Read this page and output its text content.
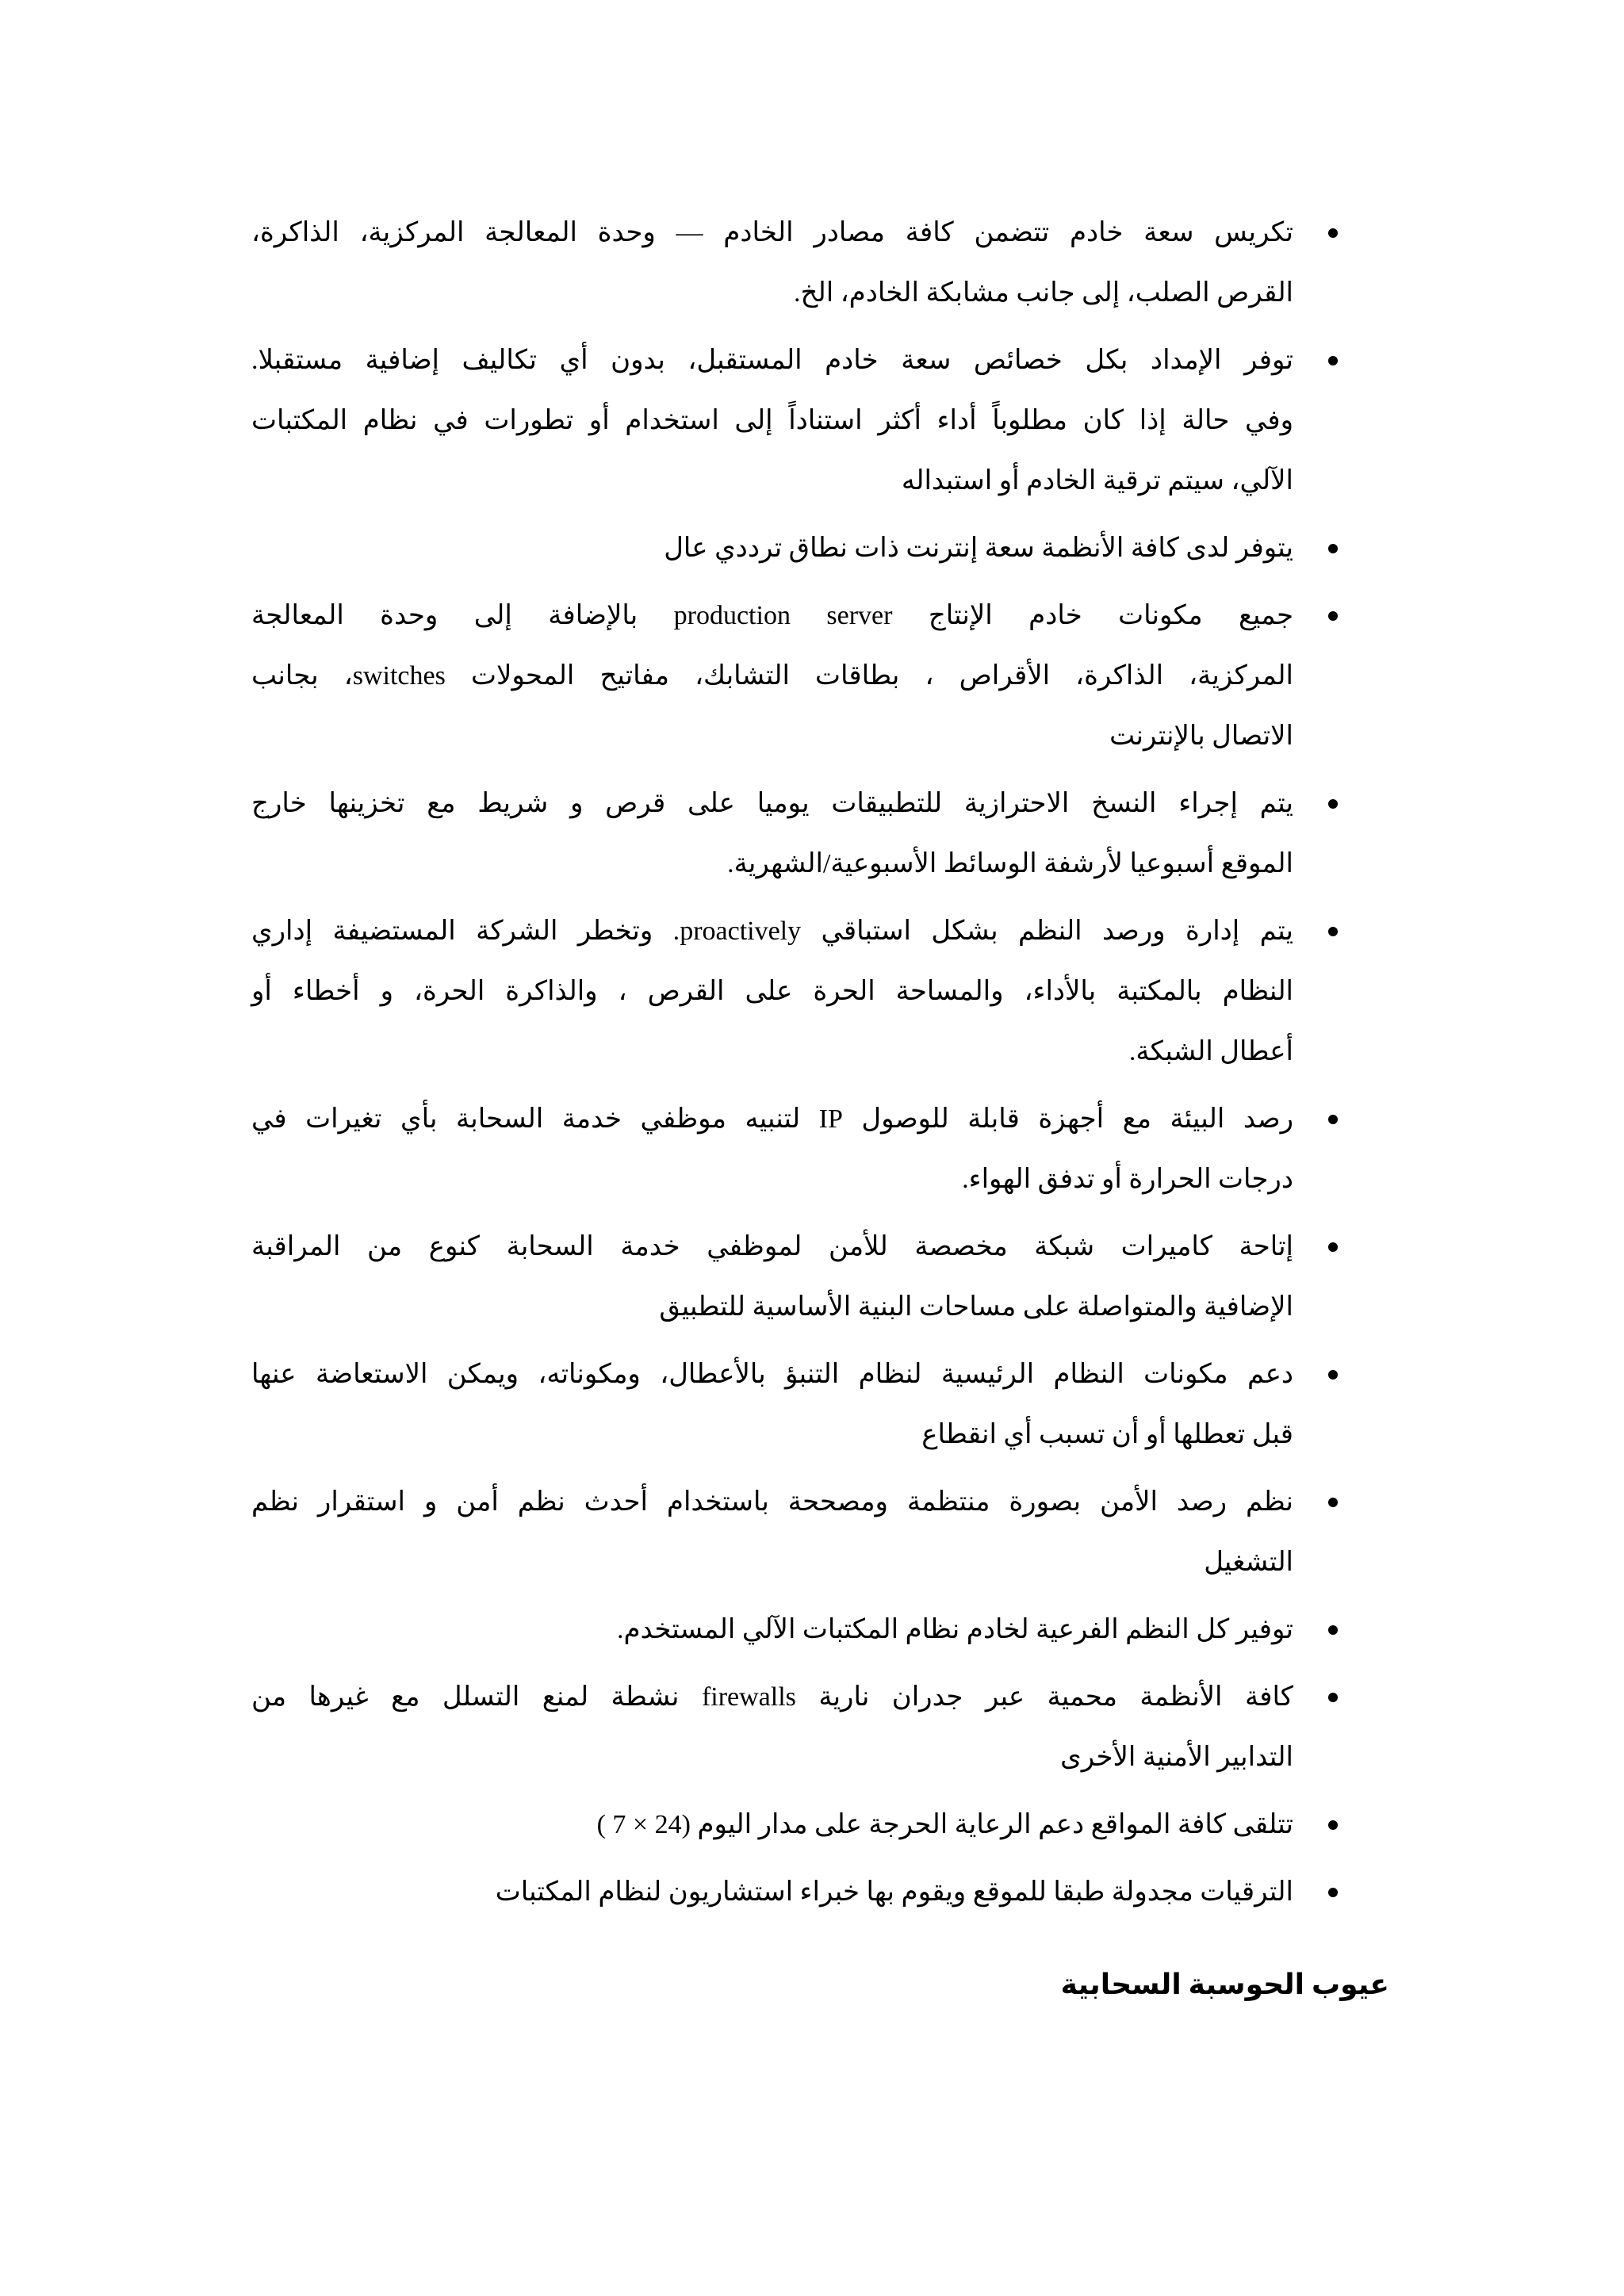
تكريس سعة خادم تتضمن كافة مصادر الخادم — وحدة المعالجة المركزية، الذاكرة،
القرص الصلب، إلى جانب مشابكة الخادم، الخ.
توفر الإمداد بكل خصائص سعة خادم المستقبل، بدون أي تكاليف إضافية مستقبلا.
وفي حالة إذا كان مطلوباً أداء أكثر استناداً إلى استخدام أو تطورات في نظام المكتبات
الآلي، سيتم ترقية الخادم أو استبداله
يتوفر لدى كافة الأنظمة سعة إنترنت ذات نطاق ترددي عال
جميع مكونات خادم الإنتاج production server بالإضافة إلى وحدة المعالجة
المركزية، الذاكرة، الأقراص ، بطاقات التشابك، مفاتيح المحولات switches، بجانب
الاتصال بالإنترنت
يتم إجراء النسخ الاحترازية للتطبيقات يوميا على قرص و شريط مع تخزينها خارج
الموقع أسبوعيا لأرشفة الوسائط الأسبوعية/الشهرية.
يتم إدارة ورصد النظم بشكل استباقي proactively. وتخطر الشركة المستضيفة إداري
النظام بالمكتبة بالأداء، والمساحة الحرة على القرص ، والذاكرة الحرة، و أخطاء أو
أعطال الشبكة.
رصد البيئة مع أجهزة قابلة للوصول IP لتنبيه موظفي خدمة السحابة بأي تغيرات في
درجات الحرارة أو تدفق الهواء.
إتاحة كاميرات شبكة مخصصة للأمن لموظفي خدمة السحابة كنوع من المراقبة
الإضافية والمتواصلة على مساحات البنية الأساسية للتطبيق
دعم مكونات النظام الرئيسية لنظام التنبؤ بالأعطال، ومكوناته، ويمكن الاستعاضة عنها
قبل تعطلها أو أن تسبب أي انقطاع
نظم رصد الأمن بصورة منتظمة ومصححة باستخدام أحدث نظم أمن و استقرار نظم
التشغيل
توفير كل النظم الفرعية لخادم نظام المكتبات الآلي المستخدم.
كافة الأنظمة محمية عبر جدران نارية firewalls نشطة لمنع التسلل مع غيرها من
التدابير الأمنية الأخرى
تتلقى كافة المواقع دعم الرعاية الحرجة على مدار اليوم (24 × 7 )
الترقيات مجدولة طبقا للموقع ويقوم بها خبراء استشاريون لنظام المكتبات
عيوب الحوسبة السحابية
